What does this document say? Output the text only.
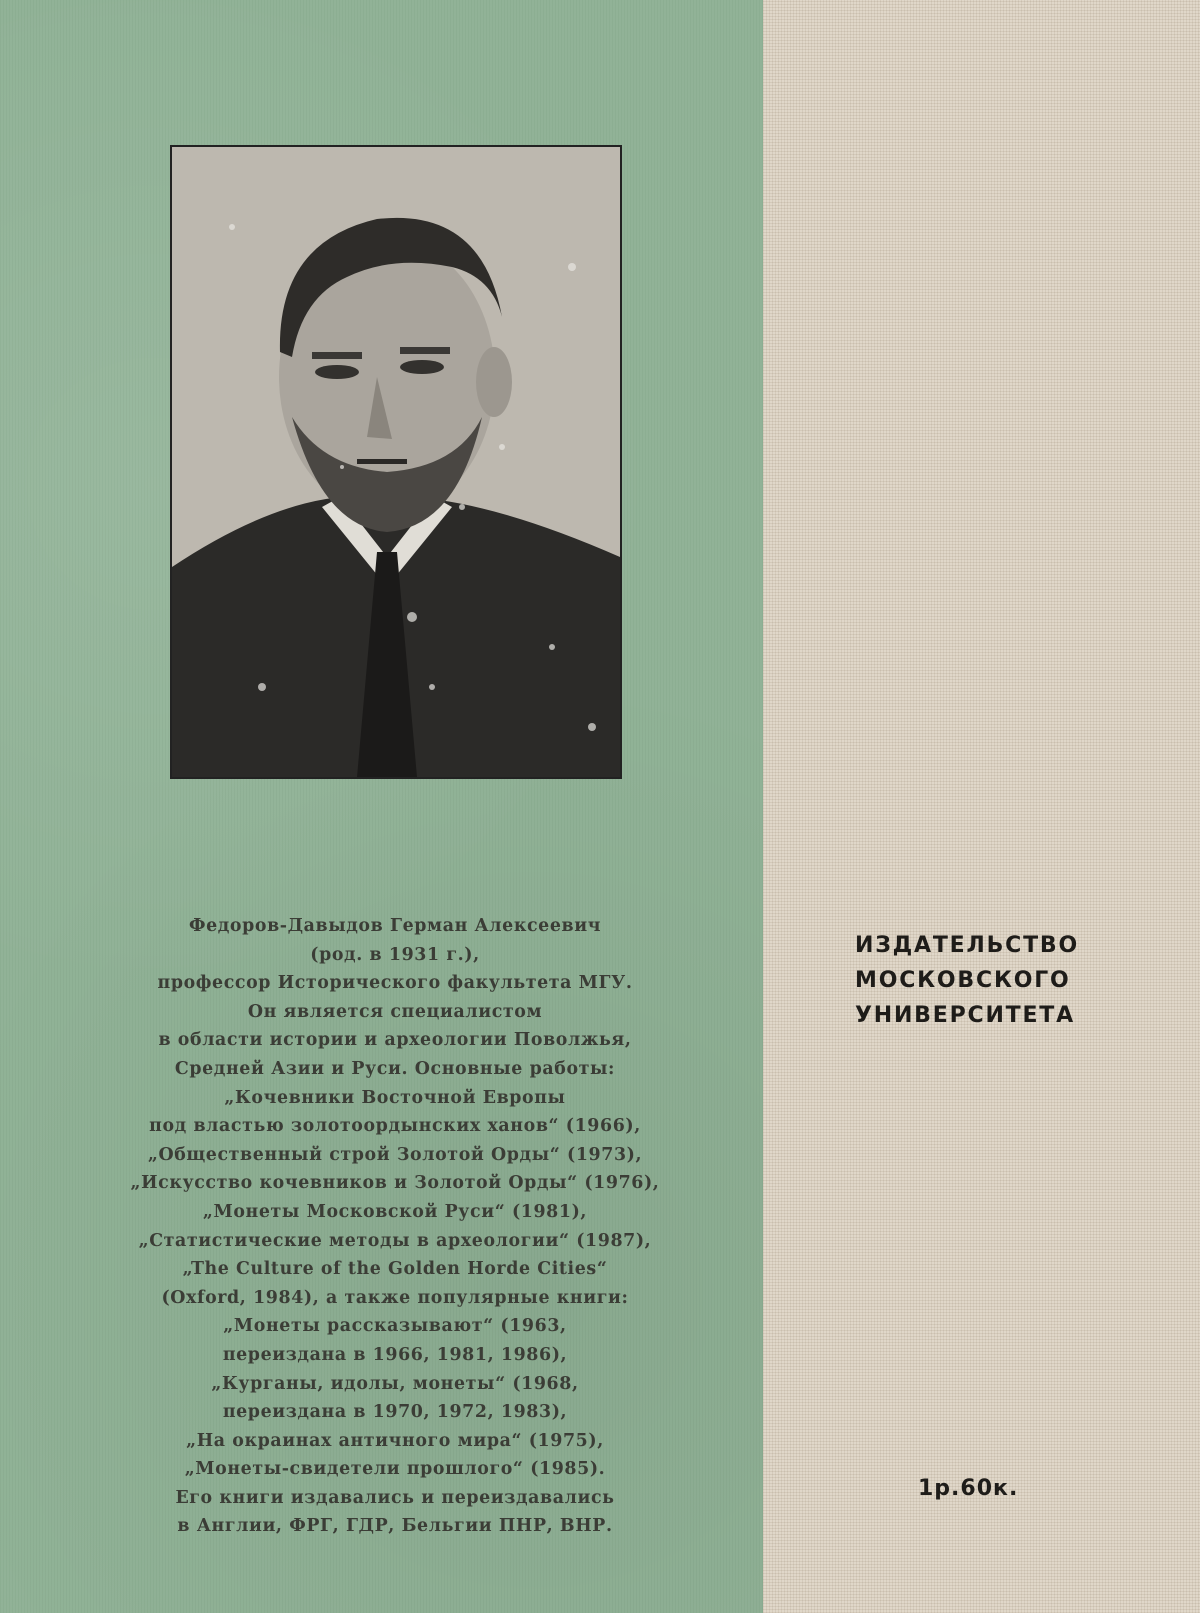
Федоров-Давыдов Герман Алексеевич
(род. в 1931 г.),
профессор Исторического факультета МГУ.
Он является специалистом
в области истории и археологии Поволжья,
Средней Азии и Руси. Основные работы:
„Кочевники Восточной Европы
под властью золотоордынских ханов“ (1966),
„Общественный строй Золотой Орды“ (1973),
„Искусство кочевников и Золотой Орды“ (1976),
„Монеты Московской Руси“ (1981),
„Статистические методы в археологии“ (1987),
„The Culture of the Golden Horde Cities“
(Oxford, 1984), а также популярные книги:
„Монеты рассказывают“ (1963,
переиздана в 1966, 1981, 1986),
„Курганы, идолы, монеты“ (1968,
переиздана в 1970, 1972, 1983),
„На окраинах античного мира“ (1975),
„Монеты-свидетели прошлого“ (1985).
Его книги издавались и переиздавались
в Англии, ФРГ, ГДР, Бельгии ПНР, ВНР.
ИЗДАТЕЛЬСТВО
МОСКОВСКОГО
УНИВЕРСИТЕТА
1р.60к.
